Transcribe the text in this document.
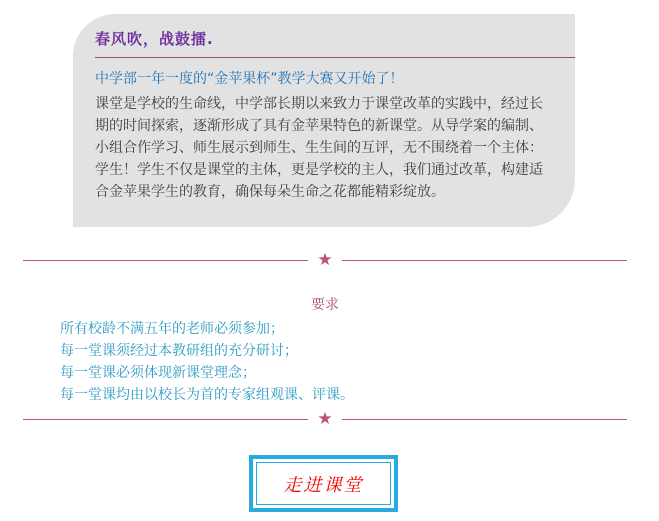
春风吹，战鼓擂.
中学部一年一度的“金苹果杯”教学大赛又开始了！
课堂是学校的生命线，中学部长期以来致力于课堂改革的实践中，经过长期的时间探索，逐渐形成了具有金苹果特色的新课堂。从导学案的编制、小组合作学习、师生展示到师生、生生间的互评，无不围绕着一个主体：学生！学生不仅是课堂的主体，更是学校的主人，我们通过改革，构建适合金苹果学生的教育，确保每朵生命之花都能精彩绽放。
★
要求
所有校龄不满五年的老师必须参加；
每一堂课须经过本教研组的充分研讨；
每一堂课必须体现新课堂理念；
每一堂课均由以校长为首的专家组观课、评课。
★
走进课堂
